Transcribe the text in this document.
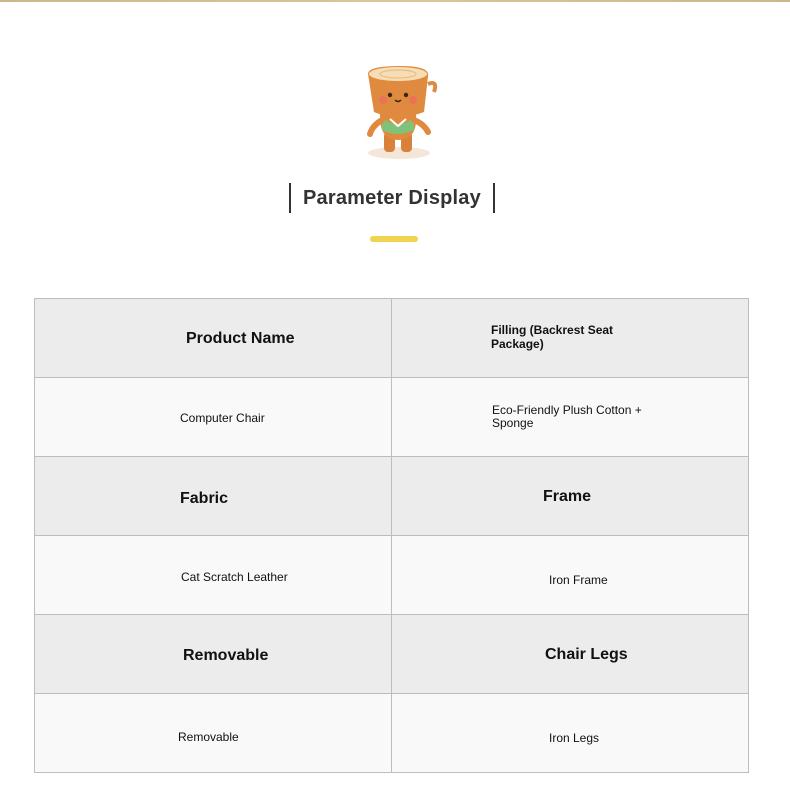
Parameter Display
Product Name	Filling (Backrest Seat Package)

Computer Chair	Eco-Friendly Plush Cotton + Sponge

Fabric	Frame

Cat Scratch Leather	Iron Frame

Removable	Chair Legs

Removable	Iron Legs
